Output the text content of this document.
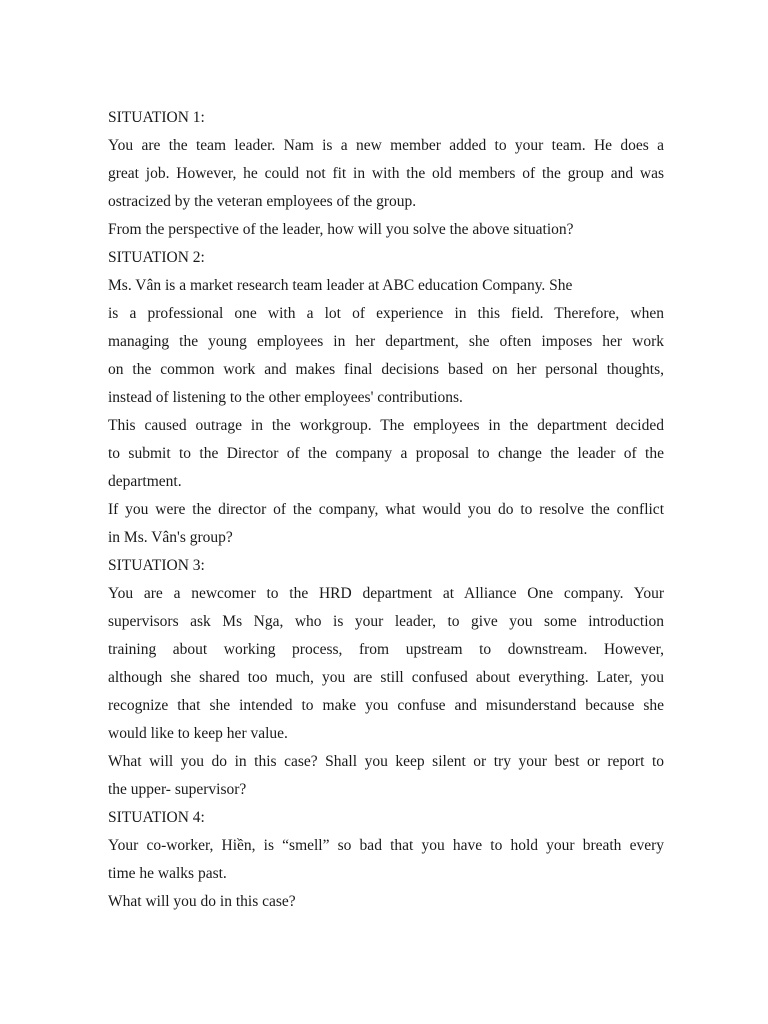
SITUATION 1:
You are the team leader. Nam is a new member added to your team. He does a
great job. However, he could not fit in with the old members of the group and was
ostracized by the veteran employees of the group.
From the perspective of the leader, how will you solve the above situation?
SITUATION 2:
Ms. Vân is a market research team leader at ABC education Company. She
is a professional one with a lot of experience in this field. Therefore, when
managing the young employees in her department, she often imposes her work
on the common work and makes final decisions based on her personal thoughts,
instead of listening to the other employees' contributions.
This caused outrage in the workgroup. The employees in the department decided
to submit to the Director of the company a proposal to change the leader of the
department.
If you were the director of the company, what would you do to resolve the conflict
in Ms. Vân's group?
SITUATION 3:
You are a newcomer to the HRD department at Alliance One company. Your
supervisors ask Ms Nga, who is your leader, to give you some introduction
training about working process, from upstream to downstream. However,
although she shared too much, you are still confused about everything. Later, you
recognize that she intended to make you confuse and misunderstand because she
would like to keep her value.
What will you do in this case? Shall you keep silent or try your best or report to
the upper- supervisor?
SITUATION 4:
Your co-worker, Hiền, is “smell” so bad that you have to hold your breath every
time he walks past.
What will you do in this case?
